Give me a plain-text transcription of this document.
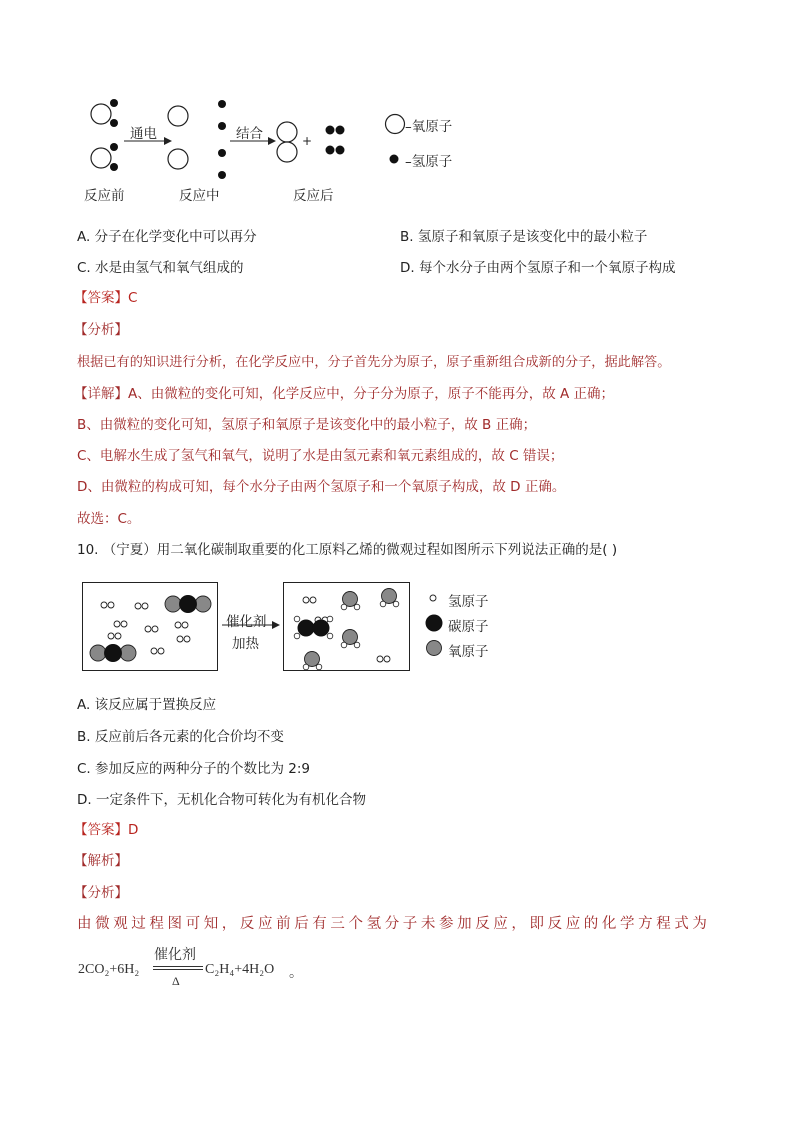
通电	结合	+
–氧原子
–氢原子
反应前	反应中	反应后
A. 分子在化学变化中可以再分	B. 氢原子和氧原子是该变化中的最小粒子
C. 水是由氢气和氧气组成的	D. 每个水分子由两个氢原子和一个氧原子构成
【答案】C
【分析】
根据已有的知识进行分析，在化学反应中，分子首先分为原子，原子重新组合成新的分子，据此解答。
【详解】A、由微粒的变化可知，化学反应中，分子分为原子，原子不能再分，故 A 正确；
B、由微粒的变化可知，氢原子和氧原子是该变化中的最小粒子，故 B 正确；
C、电解水生成了氢气和氧气，说明了水是由氢元素和氧元素组成的，故 C 错误；
D、由微粒的构成可知，每个水分子由两个氢原子和一个氧原子构成，故 D 正确。
故选：C。
10. （宁夏）用二氧化碳制取重要的化工原料乙烯的微观过程如图所示下列说法正确的是( )
催化剂
加热
氢原子
碳原子
氧原子
A. 该反应属于置换反应
B. 反应前后各元素的化合价均不变
C. 参加反应的两种分子的个数比为 2:9
D. 一定条件下，无机化合物可转化为有机化合物
【答案】D
【解析】
【分析】
由微观过程图可知，反应前后有三个氢分子未参加反应，即反应的化学方程式为
2CO₂+6H₂
催化剂
Δ
C₂H₄+4H₂O 。
